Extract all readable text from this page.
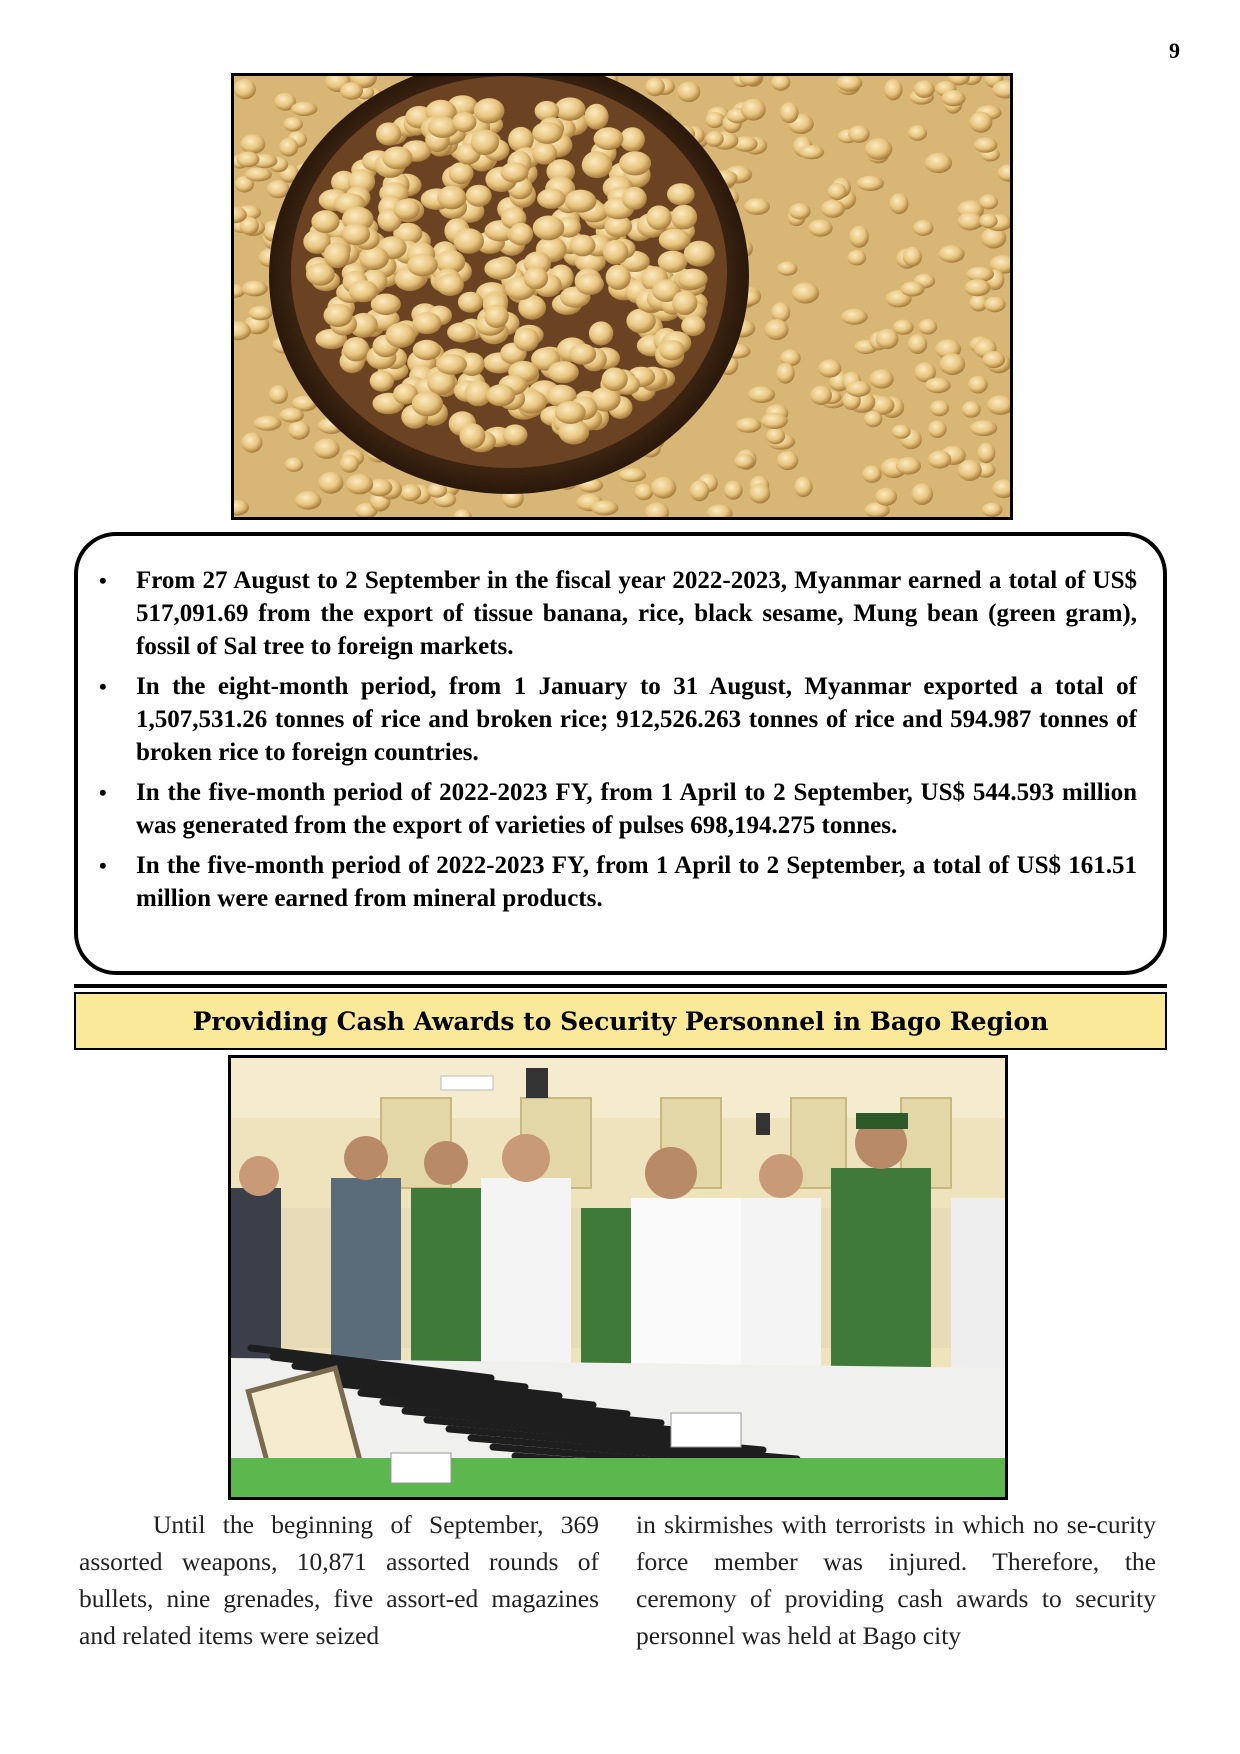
9
• From 27 August to 2 September in the fiscal year 2022-2023, Myanmar earned a total of US$ 517,091.69 from the export of tissue banana, rice, black sesame, Mung bean (green gram), fossil of Sal tree to foreign markets.
• In the eight-month period, from 1 January to 31 August, Myanmar exported a total of 1,507,531.26 tonnes of rice and broken rice; 912,526.263 tonnes of rice and 594.987 tonnes of broken rice to foreign countries.
• In the five-month period of 2022-2023 FY, from 1 April to 2 September, US$ 544.593 million was generated from the export of varieties of pulses 698,194.275 tonnes.
• In the five-month period of 2022-2023 FY, from 1 April to 2 September, a total of US$ 161.51 million were earned from mineral products.
Providing Cash Awards to Security Personnel in Bago Region
Until the beginning of September, 369 assorted weapons, 10,871 assorted rounds of bullets, nine grenades, five assort-ed magazines and related items were seized
in skirmishes with terrorists in which no se-curity force member was injured. Therefore, the ceremony of providing cash awards to security personnel was held at Bago city
